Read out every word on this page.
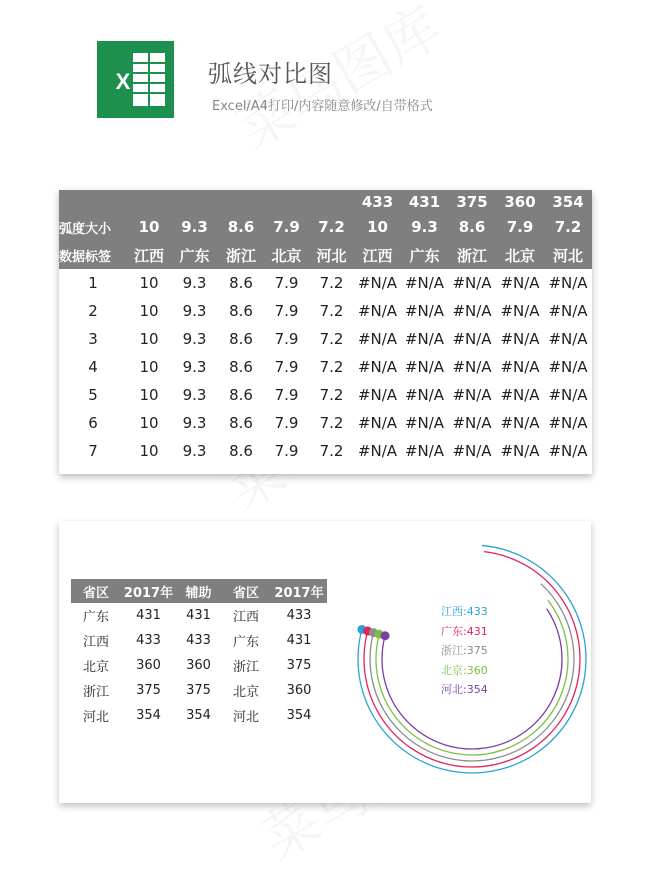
X	弧线对比图
Excel/A4打印/内容随意修改/自带格式
						433	431	375	360	354
弧度大小	10	9.3	8.6	7.9	7.2	10	9.3	8.6	7.9	7.2
数据标签	江西	广东	浙江	北京	河北	江西	广东	浙江	北京	河北
1	10	9.3	8.6	7.9	7.2	#N/A	#N/A	#N/A	#N/A	#N/A
2	10	9.3	8.6	7.9	7.2	#N/A	#N/A	#N/A	#N/A	#N/A
3	10	9.3	8.6	7.9	7.2	#N/A	#N/A	#N/A	#N/A	#N/A
4	10	9.3	8.6	7.9	7.2	#N/A	#N/A	#N/A	#N/A	#N/A
5	10	9.3	8.6	7.9	7.2	#N/A	#N/A	#N/A	#N/A	#N/A
6	10	9.3	8.6	7.9	7.2	#N/A	#N/A	#N/A	#N/A	#N/A
7	10	9.3	8.6	7.9	7.2	#N/A	#N/A	#N/A	#N/A	#N/A
省区	2017年	辅助	省区	2017年
广东	431	431	江西	433
江西	433	433	广东	431
北京	360	360	浙江	375
浙江	375	375	北京	360
河北	354	354	河北	354
江西:433
广东:431
浙江:375
北京:360
河北:354
